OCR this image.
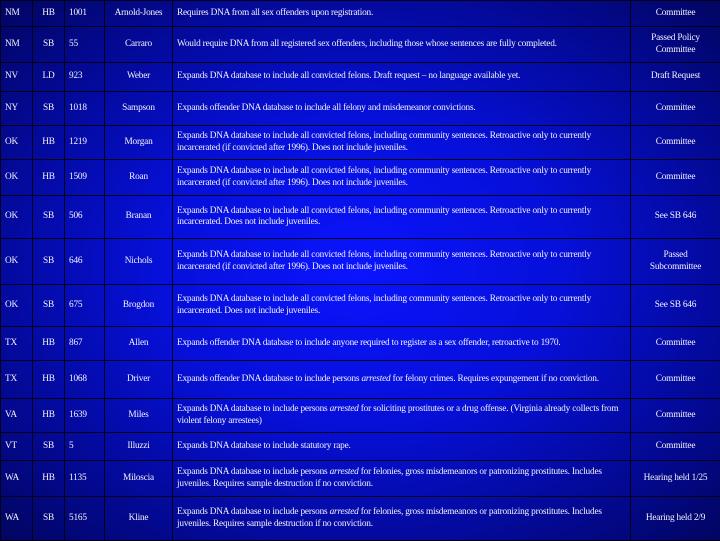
NM	HB	1001	Arnold-Jones	Requires DNA from all sex offenders upon registration.	Committee
NM	SB	55	Carraro	Would require DNA from all registered sex offenders, including those whose sentences are fully completed.	Passed Policy
Committee
NV	LD	923	Weber	Expands DNA database to include all convicted felons. Draft request – no language available yet.	Draft Request
NY	SB	1018	Sampson	Expands offender DNA database to include all felony and misdemeanor convictions.	Committee
OK	HB	1219	Morgan	Expands DNA database to include all convicted felons, including community sentences. Retroactive only to currently incarcerated (if convicted after 1996). Does not include juveniles.	Committee
OK	HB	1509	Roan	Expands DNA database to include all convicted felons, including community sentences. Retroactive only to currently incarcerated (if convicted after 1996). Does not include juveniles.	Committee
OK	SB	506	Branan	Expands DNA database to include all convicted felons, including community sentences. Retroactive only to currently incarcerated. Does not include juveniles.	See SB 646
OK	SB	646	Nichols	Expands DNA database to include all convicted felons, including community sentences. Retroactive only to currently incarcerated (if convicted after 1996). Does not include juveniles.	Passed
Subcommittee
OK	SB	675	Brogdon	Expands DNA database to include all convicted felons, including community sentences. Retroactive only to currently incarcerated. Does not include juveniles.	See SB 646
TX	HB	867	Allen	Expands offender DNA database to include anyone required to register as a sex offender, retroactive to 1970.	Committee
TX	HB	1068	Driver	Expands offender DNA database to include persons arrested for felony crimes. Requires expungement if no conviction.	Committee
VA	HB	1639	Miles	Expands DNA database to include persons arrested for soliciting prostitutes or a drug offense. (Virginia already collects from violent felony arrestees)	Committee
VT	SB	5	Illuzzi	Expands DNA database to include statutory rape.	Committee
WA	HB	1135	Miloscia	Expands DNA database to include persons arrested for felonies, gross misdemeanors or patronizing prostitutes. Includes juveniles. Requires sample destruction if no conviction.	Hearing held 1/25
WA	SB	5165	Kline	Expands DNA database to include persons arrested for felonies, gross misdemeanors or patronizing prostitutes. Includes juveniles. Requires sample destruction if no conviction.	Hearing held 2/9
